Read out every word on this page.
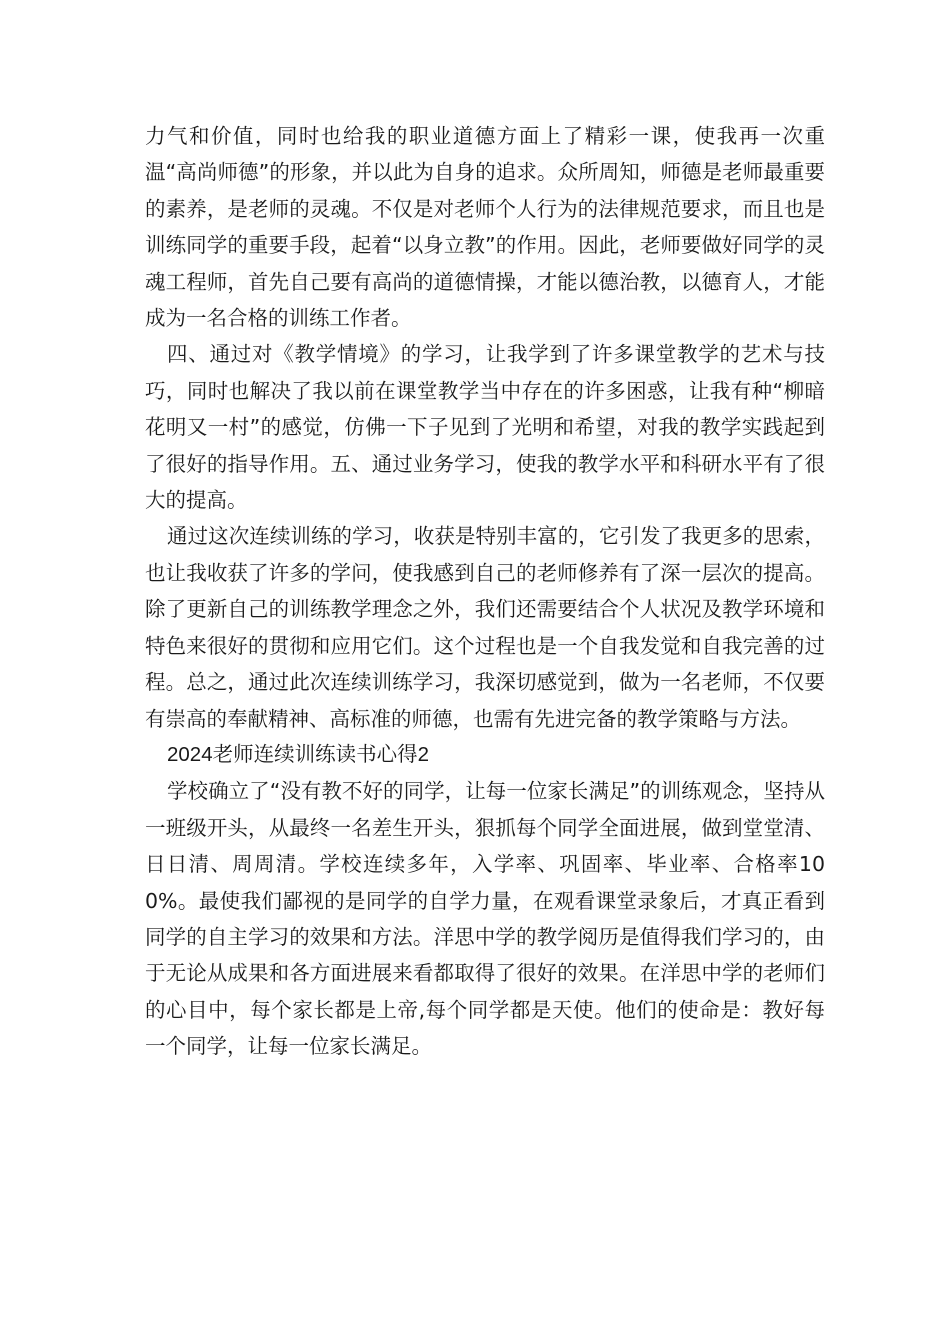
力气和价值，同时也给我的职业道德方面上了精彩一课，使我再一次重温“高尚师德”的形象，并以此为自身的追求。众所周知，师德是老师最重要的素养，是老师的灵魂。不仅是对老师个人行为的法律规范要求，而且也是训练同学的重要手段，起着“以身立教”的作用。因此，老师要做好同学的灵魂工程师，首先自己要有高尚的道德情操，才能以德治教，以德育人，才能成为一名合格的训练工作者。

四、通过对《教学情境》的学习，让我学到了许多课堂教学的艺术与技巧，同时也解决了我以前在课堂教学当中存在的许多困惑，让我有种“柳暗花明又一村”的感觉，仿佛一下子见到了光明和希望，对我的教学实践起到了很好的指导作用。五、通过业务学习，使我的教学水平和科研水平有了很大的提高。

通过这次连续训练的学习，收获是特别丰富的，它引发了我更多的思索，也让我收获了许多的学问，使我感到自己的老师修养有了深一层次的提高。除了更新自己的训练教学理念之外，我们还需要结合个人状况及教学环境和特色来很好的贯彻和应用它们。这个过程也是一个自我发觉和自我完善的过程。总之，通过此次连续训练学习，我深切感觉到，做为一名老师，不仅要有崇高的奉献精神、高标准的师德，也需有先进完备的教学策略与方法。

2024老师连续训练读书心得2

学校确立了“没有教不好的同学，让每一位家长满足”的训练观念，坚持从一班级开头，从最终一名差生开头，狠抓每个同学全面进展，做到堂堂清、日日清、周周清。学校连续多年，入学率、巩固率、毕业率、合格率100%。最使我们鄙视的是同学的自学力量，在观看课堂录象后，才真正看到同学的自主学习的效果和方法。洋思中学的教学阅历是值得我们学习的，由于无论从成果和各方面进展来看都取得了很好的效果。在洋思中学的老师们的心目中，每个家长都是上帝,每个同学都是天使。他们的使命是：教好每一个同学，让每一位家长满足。
